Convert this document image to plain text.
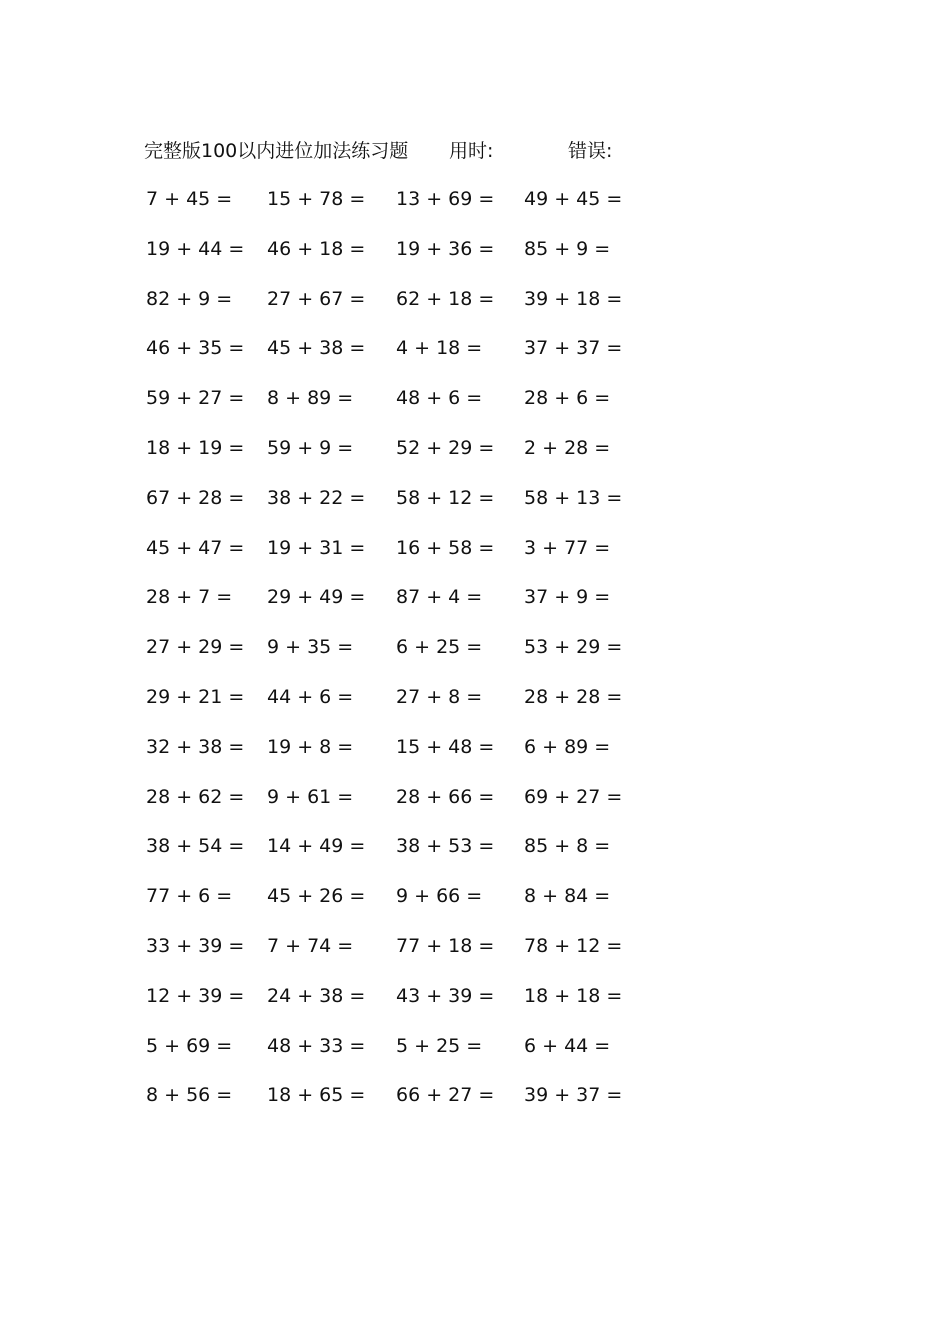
完整版100以内进位加法练习题 用时:	错误:
7 + 45 = 15 + 78 = 13 + 69 = 49 + 45 =
19 + 44 = 46 + 18 = 19 + 36 = 85 + 9 =
82 + 9 = 27 + 67 = 62 + 18 = 39 + 18 =
46 + 35 = 45 + 38 = 4 + 18 = 37 + 37 =
59 + 27 = 8 + 89 = 48 + 6 = 28 + 6 =
18 + 19 = 59 + 9 = 52 + 29 = 2 + 28 =
67 + 28 = 38 + 22 = 58 + 12 = 58 + 13 =
45 + 47 = 19 + 31 = 16 + 58 = 3 + 77 =
28 + 7 = 29 + 49 = 87 + 4 = 37 + 9 =
27 + 29 = 9 + 35 = 6 + 25 = 53 + 29 =
29 + 21 = 44 + 6 = 27 + 8 = 28 + 28 =
32 + 38 = 19 + 8 = 15 + 48 = 6 + 89 =
28 + 62 = 9 + 61 = 28 + 66 = 69 + 27 =
38 + 54 = 14 + 49 = 38 + 53 = 85 + 8 =
77 + 6 = 45 + 26 = 9 + 66 = 8 + 84 =
33 + 39 = 7 + 74 = 77 + 18 = 78 + 12 =
12 + 39 = 24 + 38 = 43 + 39 = 18 + 18 =
5 + 69 = 48 + 33 = 5 + 25 = 6 + 44 =
8 + 56 = 18 + 65 = 66 + 27 = 39 + 37 =
